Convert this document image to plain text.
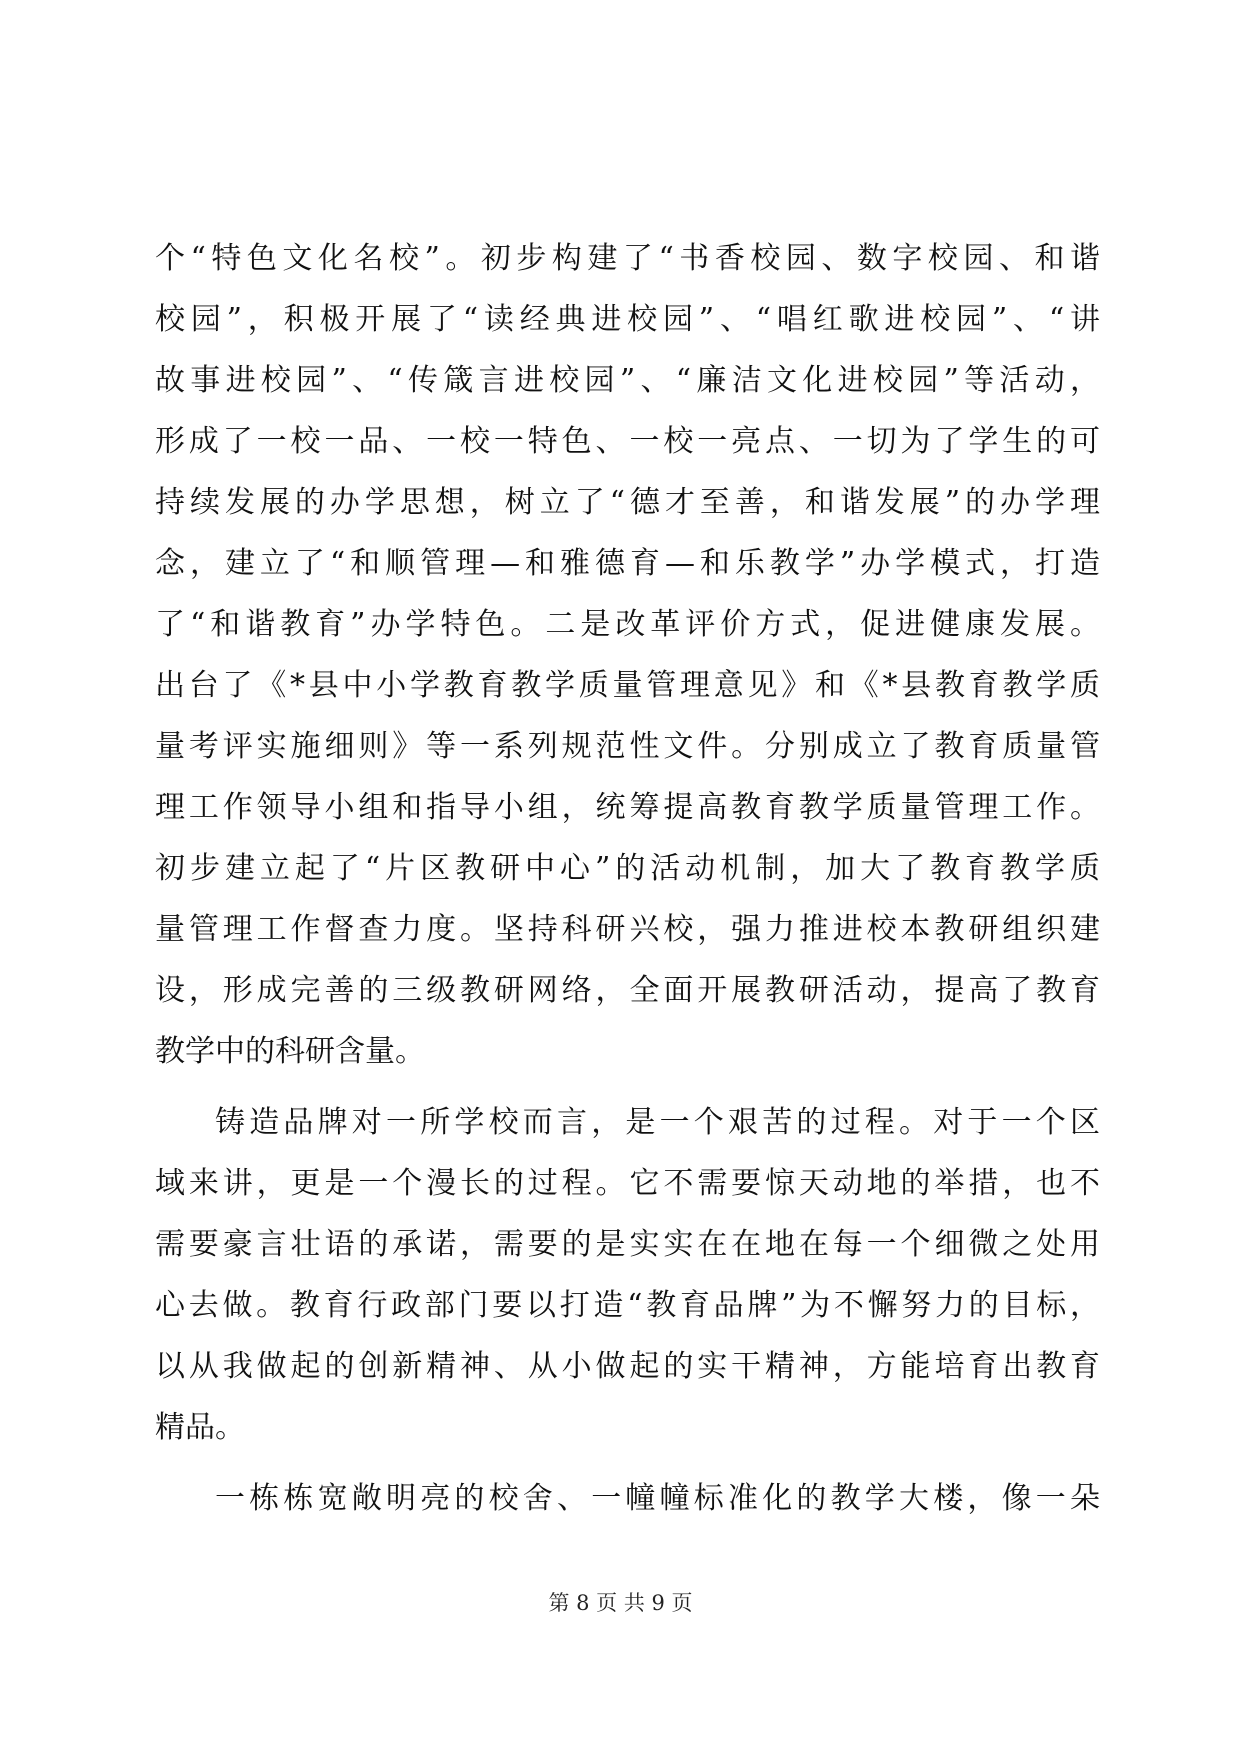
个“特色文化名校”。初步构建了“书香校园、数字校园、和谐
校园”，积极开展了“读经典进校园”、“唱红歌进校园”、“讲
故事进校园”、“传箴言进校园”、“廉洁文化进校园”等活动，
形成了一校一品、一校一特色、一校一亮点、一切为了学生的可
持续发展的办学思想，树立了“德才至善，和谐发展”的办学理
念，建立了“和顺管理—和雅德育—和乐教学”办学模式，打造
了“和谐教育”办学特色。二是改革评价方式，促进健康发展。
出台了《*县中小学教育教学质量管理意见》和《*县教育教学质
量考评实施细则》等一系列规范性文件。分别成立了教育质量管
理工作领导小组和指导小组，统筹提高教育教学质量管理工作。
初步建立起了“片区教研中心”的活动机制，加大了教育教学质
量管理工作督查力度。坚持科研兴校，强力推进校本教研组织建
设，形成完善的三级教研网络，全面开展教研活动，提高了教育
教学中的科研含量。
铸造品牌对一所学校而言，是一个艰苦的过程。对于一个区
域来讲，更是一个漫长的过程。它不需要惊天动地的举措，也不
需要豪言壮语的承诺，需要的是实实在在地在每一个细微之处用
心去做。教育行政部门要以打造“教育品牌”为不懈努力的目标，
以从我做起的创新精神、从小做起的实干精神，方能培育出教育
精品。
一栋栋宽敞明亮的校舍、一幢幢标准化的教学大楼，像一朵
第 8 页 共 9 页
